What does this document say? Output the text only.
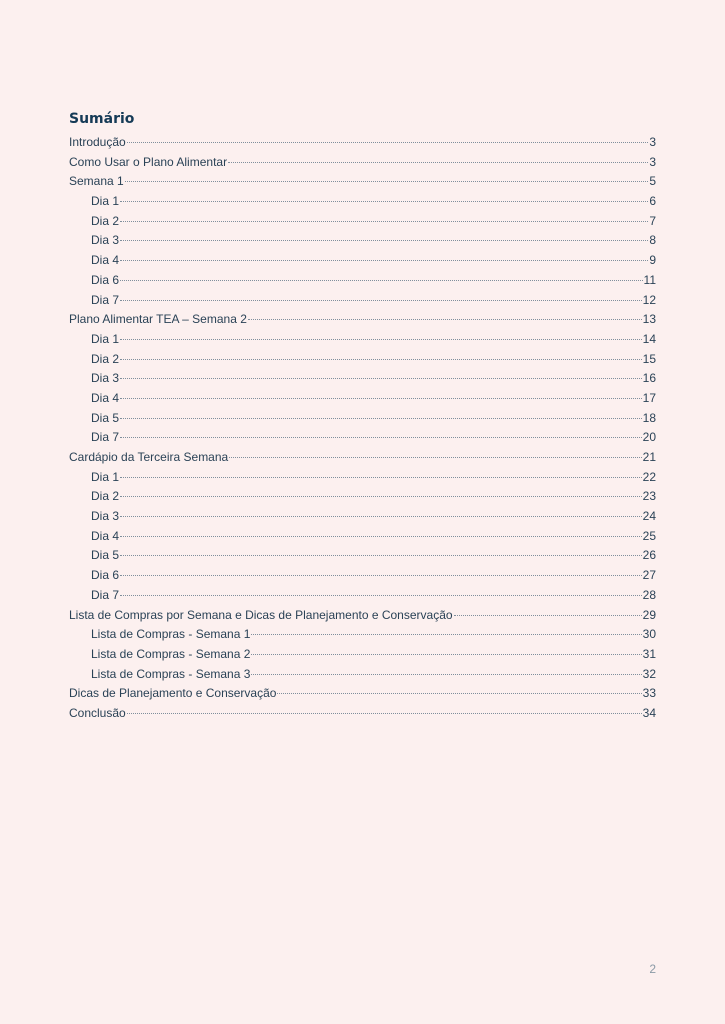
Sumário
Introdução	3
Como Usar o Plano Alimentar	3
Semana 1	5
Dia 1	6
Dia 2	7
Dia 3	8
Dia 4	9
Dia 6	11
Dia 7	12
Plano Alimentar TEA – Semana 2	13
Dia 1	14
Dia 2	15
Dia 3	16
Dia 4	17
Dia 5	18
Dia 7	20
Cardápio da Terceira Semana	21
Dia 1	22
Dia 2	23
Dia 3	24
Dia 4	25
Dia 5	26
Dia 6	27
Dia 7	28
Lista de Compras por Semana e Dicas de Planejamento e Conservação	29
Lista de Compras - Semana 1	30
Lista de Compras - Semana 2	31
Lista de Compras - Semana 3	32
Dicas de Planejamento e Conservação	33
Conclusão	34
2
